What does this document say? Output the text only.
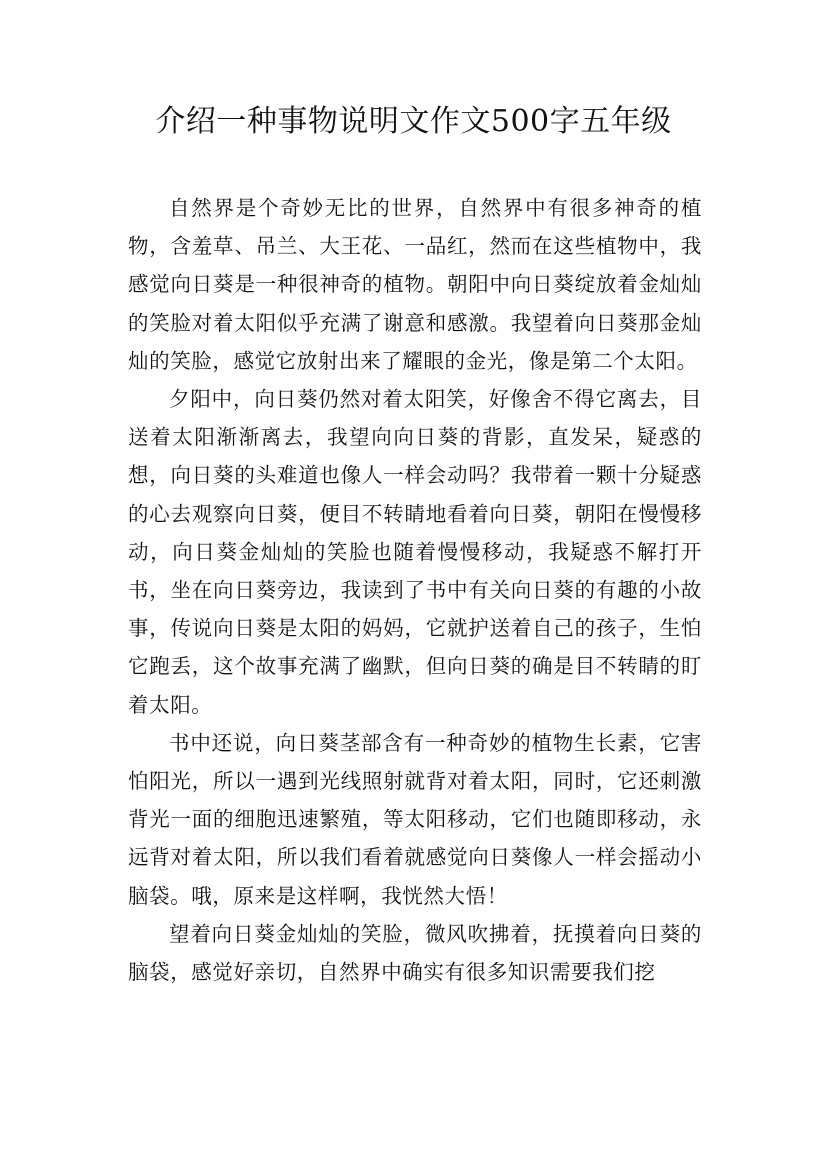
介绍一种事物说明文作文500字五年级

自然界是个奇妙无比的世界，自然界中有很多神奇的植物，含羞草、吊兰、大王花、一品红，然而在这些植物中，我感觉向日葵是一种很神奇的植物。朝阳中向日葵绽放着金灿灿的笑脸对着太阳似乎充满了谢意和感激。我望着向日葵那金灿灿的笑脸，感觉它放射出来了耀眼的金光，像是第二个太阳。

夕阳中，向日葵仍然对着太阳笑，好像舍不得它离去，目送着太阳渐渐离去，我望向向日葵的背影，直发呆，疑惑的想，向日葵的头难道也像人一样会动吗？我带着一颗十分疑惑的心去观察向日葵，便目不转睛地看着向日葵，朝阳在慢慢移动，向日葵金灿灿的笑脸也随着慢慢移动，我疑惑不解打开书，坐在向日葵旁边，我读到了书中有关向日葵的有趣的小故事，传说向日葵是太阳的妈妈，它就护送着自己的孩子，生怕它跑丢，这个故事充满了幽默，但向日葵的确是目不转睛的盯着太阳。

书中还说，向日葵茎部含有一种奇妙的植物生长素，它害怕阳光，所以一遇到光线照射就背对着太阳，同时，它还刺激背光一面的细胞迅速繁殖，等太阳移动，它们也随即移动，永远背对着太阳，所以我们看着就感觉向日葵像人一样会摇动小脑袋。哦，原来是这样啊，我恍然大悟！

望着向日葵金灿灿的笑脸，微风吹拂着，抚摸着向日葵的脑袋，感觉好亲切，自然界中确实有很多知识需要我们挖
